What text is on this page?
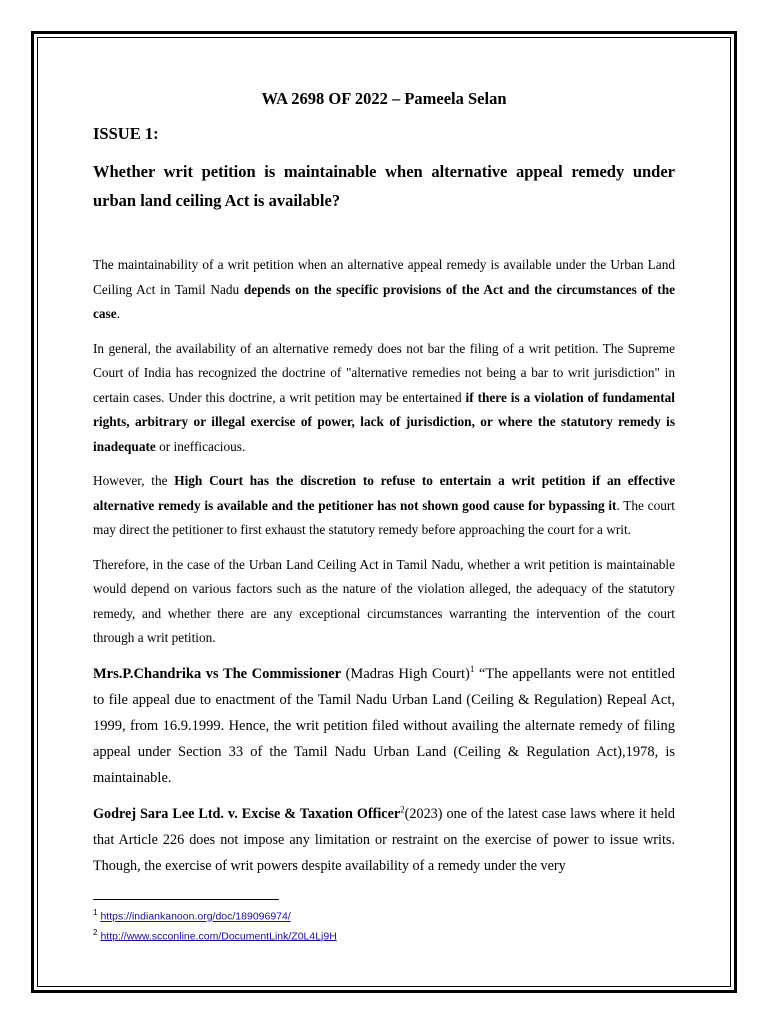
WA 2698 OF 2022 – Pameela Selan

ISSUE 1:

Whether writ petition is maintainable when alternative appeal remedy under urban land ceiling Act is available?

The maintainability of a writ petition when an alternative appeal remedy is available under the Urban Land Ceiling Act in Tamil Nadu depends on the specific provisions of the Act and the circumstances of the case.

In general, the availability of an alternative remedy does not bar the filing of a writ petition. The Supreme Court of India has recognized the doctrine of "alternative remedies not being a bar to writ jurisdiction" in certain cases. Under this doctrine, a writ petition may be entertained if there is a violation of fundamental rights, arbitrary or illegal exercise of power, lack of jurisdiction, or where the statutory remedy is inadequate or inefficacious.

However, the High Court has the discretion to refuse to entertain a writ petition if an effective alternative remedy is available and the petitioner has not shown good cause for bypassing it. The court may direct the petitioner to first exhaust the statutory remedy before approaching the court for a writ.

Therefore, in the case of the Urban Land Ceiling Act in Tamil Nadu, whether a writ petition is maintainable would depend on various factors such as the nature of the violation alleged, the adequacy of the statutory remedy, and whether there are any exceptional circumstances warranting the intervention of the court through a writ petition.

Mrs.P.Chandrika vs The Commissioner (Madras High Court)$^1$ “The appellants were not entitled to file appeal due to enactment of the Tamil Nadu Urban Land (Ceiling & Regulation) Repeal Act, 1999, from 16.9.1999. Hence, the writ petition filed without availing the alternate remedy of filing appeal under Section 33 of the Tamil Nadu Urban Land (Ceiling & Regulation Act),1978, is maintainable.

Godrej Sara Lee Ltd. v. Excise & Taxation Officer$^2$(2023) one of the latest case laws where it held that Article 226 does not impose any limitation or restraint on the exercise of power to issue writs. Though, the exercise of writ powers despite availability of a remedy under the very

$^1$ https://indiankanoon.org/doc/189096974/
$^2$ http://www.scconline.com/DocumentLink/Z0L4Lj9H
